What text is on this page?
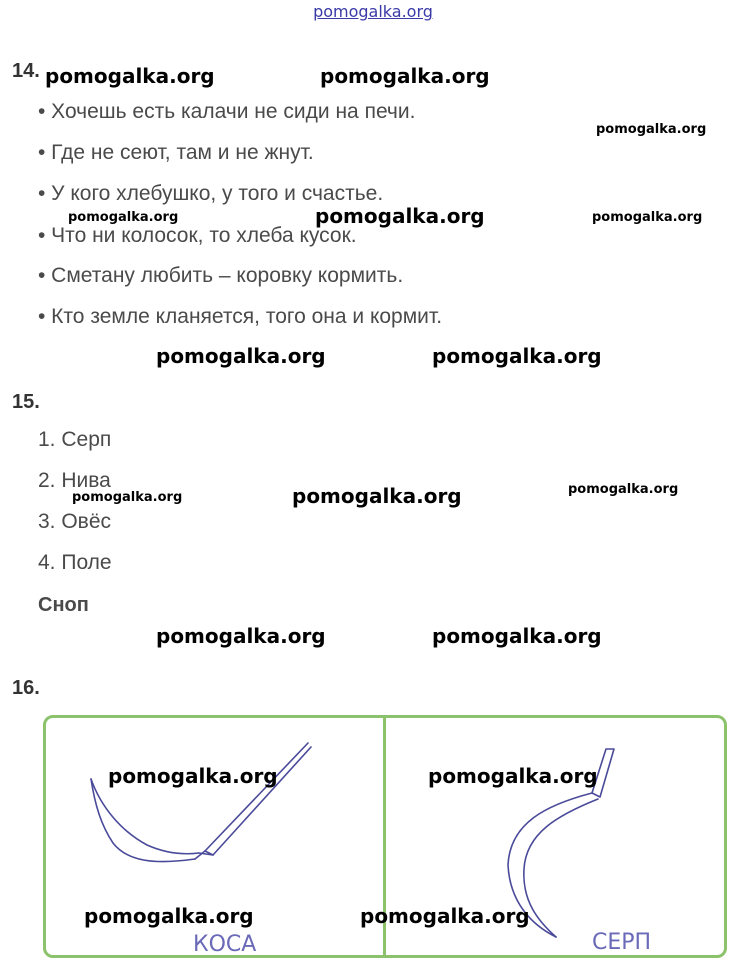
pomogalka.org
14. pomogalka.org	pomogalka.org
• Хочешь есть калачи не сиди на печи.
pomogalka.org
• Где не сеют, там и не жнут.
• У кого хлебушко, у того и счастье.
• Что ни колосок, то хлеба кусок.
pomogalka.org	pomogalka.org	pomogalka.org
• Сметану любить – коровку кормить.
• Кто земле кланяется, того она и кормит.
pomogalka.org	pomogalka.org
15.
1. Серп
2. Нива
pomogalka.org	pomogalka.org	pomogalka.org
3. Овёс
4. Поле
Сноп
pomogalka.org	pomogalka.org
16.
КОСА	СЕРП
pomogalka.org	pomogalka.org
pomogalka.org	pomogalka.org
